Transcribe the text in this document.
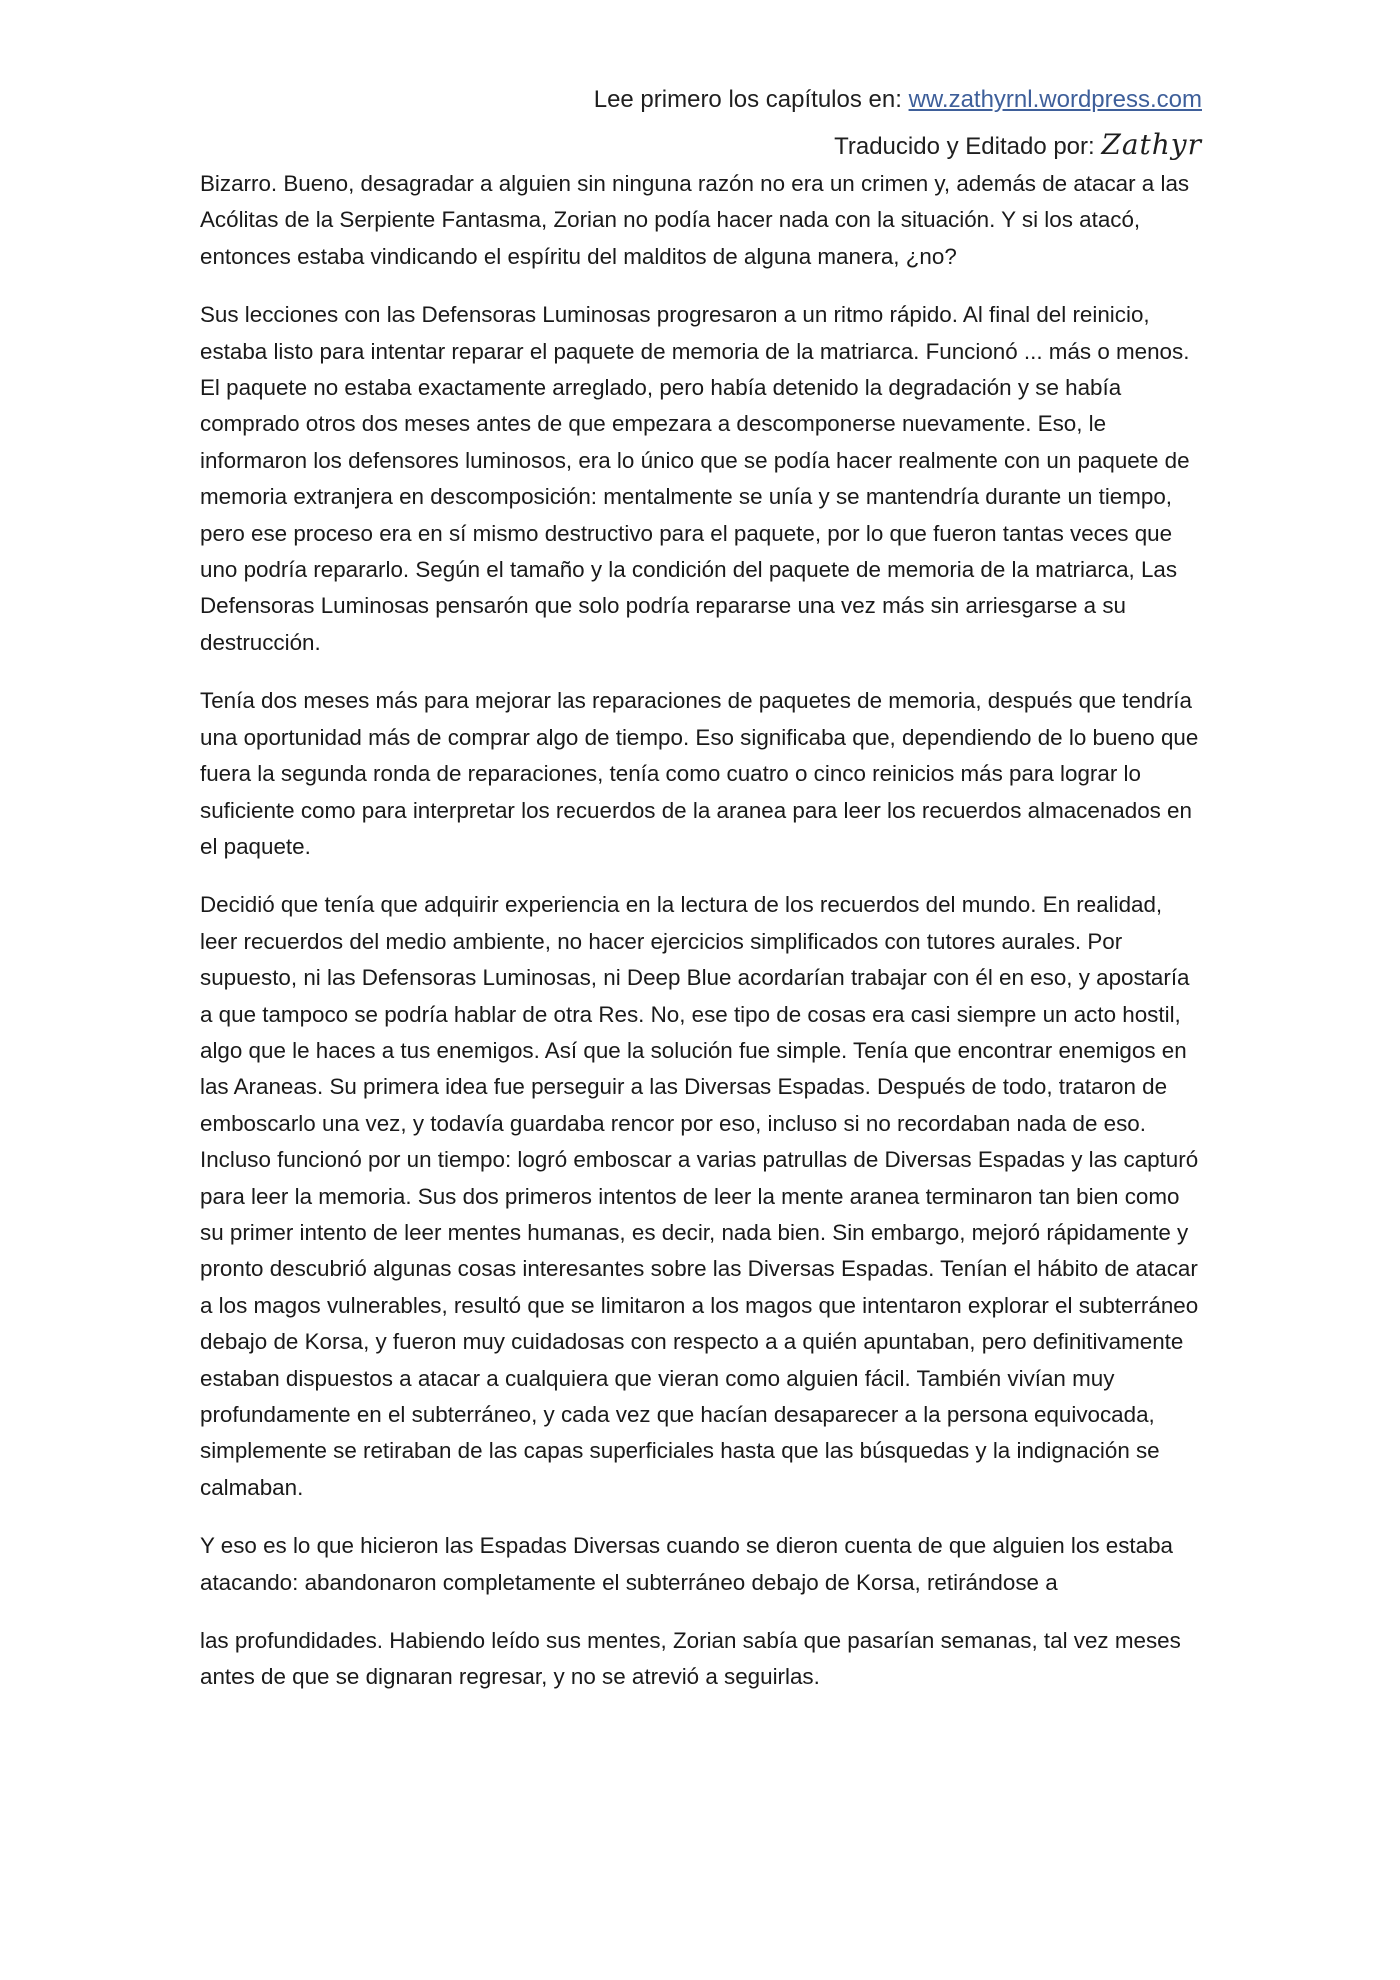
Lee primero los capítulos en: ww.zathyrnl.wordpress.com

Traducido y Editado por: Zathyr

Bizarro. Bueno, desagradar a alguien sin ninguna razón no era un crimen y, además de atacar a las Acólitas de la Serpiente Fantasma, Zorian no podía hacer nada con la situación. Y si los atacó, entonces estaba vindicando el espíritu del malditos de alguna manera, ¿no?

Sus lecciones con las Defensoras Luminosas progresaron a un ritmo rápido. Al final del reinicio, estaba listo para intentar reparar el paquete de memoria de la matriarca. Funcionó ... más o menos. El paquete no estaba exactamente arreglado, pero había detenido la degradación y se había comprado otros dos meses antes de que empezara a descomponerse nuevamente. Eso, le informaron los defensores luminosos, era lo único que se podía hacer realmente con un paquete de memoria extranjera en descomposición: mentalmente se unía y se mantendría durante un tiempo, pero ese proceso era en sí mismo destructivo para el paquete, por lo que fueron tantas veces que uno podría repararlo. Según el tamaño y la condición del paquete de memoria de la matriarca, Las Defensoras Luminosas pensarón que solo podría repararse una vez más sin arriesgarse a su destrucción.

Tenía dos meses más para mejorar las reparaciones de paquetes de memoria, después que tendría una oportunidad más de comprar algo de tiempo. Eso significaba que, dependiendo de lo bueno que fuera la segunda ronda de reparaciones, tenía como cuatro o cinco reinicios más para lograr lo suficiente como para interpretar los recuerdos de la aranea para leer los recuerdos almacenados en el paquete.

Decidió que tenía que adquirir experiencia en la lectura de los recuerdos del mundo. En realidad, leer recuerdos del medio ambiente, no hacer ejercicios simplificados con tutores aurales. Por supuesto, ni las Defensoras Luminosas, ni Deep Blue acordarían trabajar con él en eso, y apostaría a que tampoco se podría hablar de otra Res. No, ese tipo de cosas era casi siempre un acto hostil, algo que le haces a tus enemigos. Así que la solución fue simple. Tenía que encontrar enemigos en las Araneas. Su primera idea fue perseguir a las Diversas Espadas. Después de todo, trataron de emboscarlo una vez, y todavía guardaba rencor por eso, incluso si no recordaban nada de eso. Incluso funcionó por un tiempo: logró emboscar a varias patrullas de Diversas Espadas y las capturó para leer la memoria. Sus dos primeros intentos de leer la mente aranea terminaron tan bien como su primer intento de leer mentes humanas, es decir, nada bien. Sin embargo, mejoró rápidamente y pronto descubrió algunas cosas interesantes sobre las Diversas Espadas. Tenían el hábito de atacar a los magos vulnerables, resultó que se limitaron a los magos que intentaron explorar el subterráneo debajo de Korsa, y fueron muy cuidadosas con respecto a a quién apuntaban, pero definitivamente estaban dispuestos a atacar a cualquiera que vieran como alguien fácil. También vivían muy profundamente en el subterráneo, y cada vez que hacían desaparecer a la persona equivocada, simplemente se retiraban de las capas superficiales hasta que las búsquedas y la indignación se calmaban.

Y eso es lo que hicieron las Espadas Diversas cuando se dieron cuenta de que alguien los estaba atacando: abandonaron completamente el subterráneo debajo de Korsa, retirándose a

las profundidades. Habiendo leído sus mentes, Zorian sabía que pasarían semanas, tal vez meses antes de que se dignaran regresar, y no se atrevió a seguirlas.
